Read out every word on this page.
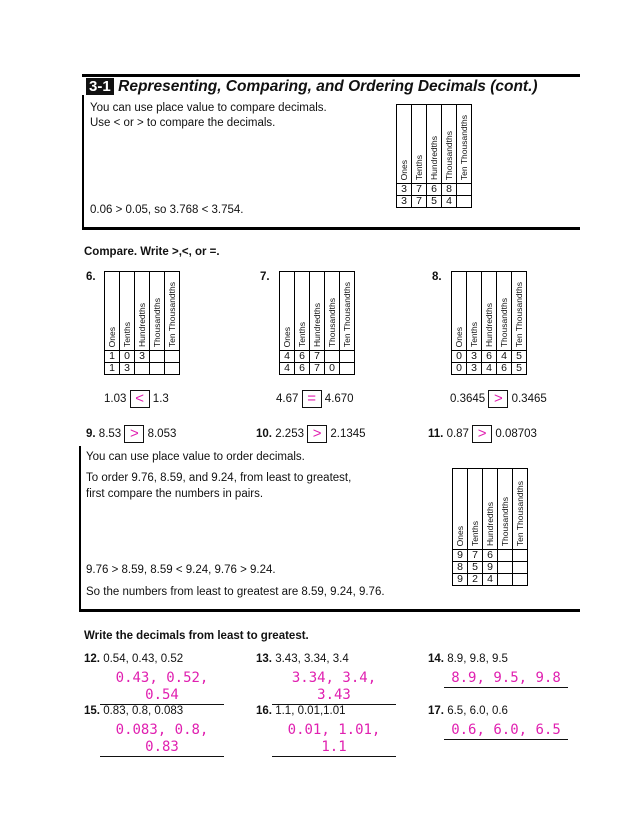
3-1 Representing, Comparing, and Ordering Decimals (cont.)
You can use place value to compare decimals.
Use < or > to compare the decimals.
0.06 > 0.05, so 3.768 < 3.754.
Ones	Tenths	Hundredths	Thousandths	Ten Thousandths
3	7	6	8	
3	7	5	4	
Compare. Write >,<, or =.
6.
Ones	Tenths	Hundredths	Thousandths	Ten Thousandths
1	0	3		
1	3			
1.03 < 1.3
7.
Ones	Tenths	Hundredths	Thousandths	Ten Thousandths
4	6	7		
4	6	7	0	
4.67 = 4.670
8.
Ones	Tenths	Hundredths	Thousandths	Ten Thousandths
0	3	6	4	5
0	3	4	6	5
0.3645 > 0.3465
9. 8.53 > 8.053	10. 2.253 > 2.1345	11. 0.87 > 0.08703
You can use place value to order decimals.
To order 9.76, 8.59, and 9.24, from least to greatest,
first compare the numbers in pairs.
9.76 > 8.59, 8.59 < 9.24, 9.76 > 9.24.
So the numbers from least to greatest are 8.59, 9.24, 9.76.
Ones	Tenths	Hundredths	Thousandths	Ten Thousandths
9	7	6		
8	5	9		
9	2	4		
Write the decimals from least to greatest.
12. 0.54, 0.43, 0.52
0.43, 0.52, 0.54
13. 3.43, 3.34, 3.4
3.34, 3.4, 3.43
14. 8.9, 9.8, 9.5
8.9, 9.5, 9.8
15. 0.83, 0.8, 0.083
0.083, 0.8, 0.83
16. 1.1, 0.01,1.01
0.01, 1.01, 1.1
17. 6.5, 6.0, 0.6
0.6, 6.0, 6.5
